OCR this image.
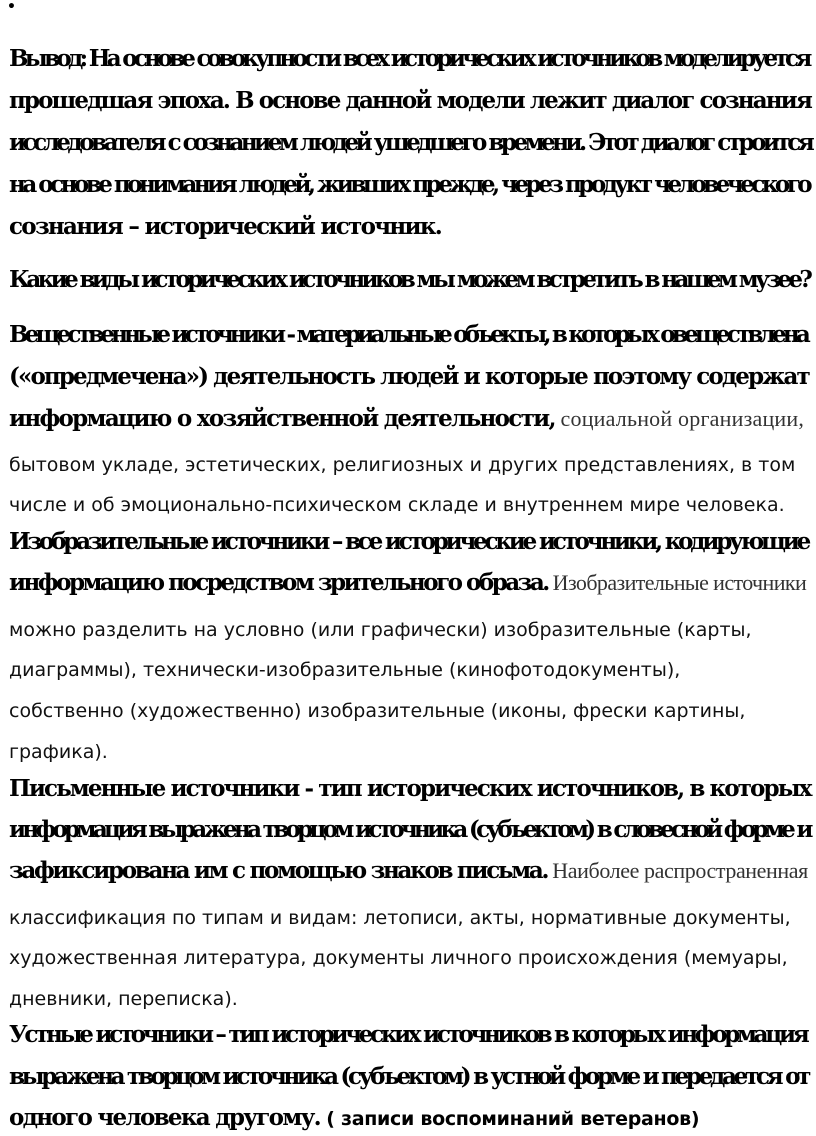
•
Вывод: На основе совокупности всех исторических источников моделируется
прошедшая эпоха. В основе данной модели лежит диалог сознания
исследователя с сознанием людей ушедшего времени. Этот диалог строится
на основе понимания людей, живших прежде, через продукт человеческого
сознания – исторический источник.
Какие виды исторических источников мы можем встретить в нашем музее?
Вещественные источники - материальные объекты, в которых овеществлена
(«опредмечена») деятельность людей и которые поэтому содержат
информацию о хозяйственной деятельности, социальной организации,
бытовом укладе, эстетических, религиозных и других представлениях, в том
числе и об эмоционально-психическом складе и внутреннем мире человека.
Изобразительные источники – все исторические источники, кодирующие
информацию посредством зрительного образа. Изобразительные источники
можно разделить на условно (или графически) изобразительные (карты,
диаграммы), технически-изобразительные (кинофотодокументы),
собственно (художественно) изобразительные (иконы, фрески картины,
графика).
Письменные источники - тип исторических источников, в которых
информация выражена творцом источника (субъектом) в словесной форме и
зафиксирована им с помощью знаков письма. Наиболее распространенная
классификация по типам и видам: летописи, акты, нормативные документы,
художественная литература, документы личного происхождения (мемуары,
дневники, переписка).
Устные источники – тип исторических источников в которых информация
выражена творцом источника (субъектом) в устной форме и передается от
одного человека другому. ( записи воспоминаний ветеранов)
